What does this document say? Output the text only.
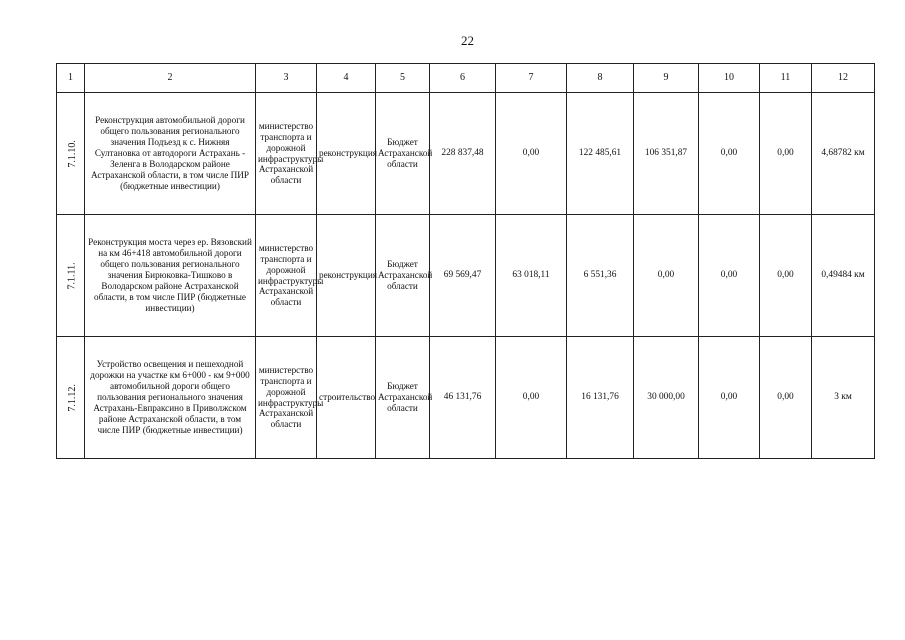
22
1	2	3	4	5	6	7	8	9	10	11	12
7.1.10.	Реконструкция автомобильной дороги общего пользования регионального значения Подъезд к с. Нижняя Султановка от автодороги Астрахань - Зеленга в Володарском районе Астраханской области, в том числе ПИР (бюджетные инвестиции)	министерство транспорта и дорожной инфраструктуры Астраханской области	реконструкция	Бюджет Астраханской области	228 837,48	0,00	122 485,61	106 351,87	0,00	0,00	4,68782 км
7.1.11.	Реконструкция моста через ер. Вязовский на км 46+418 автомобильной дороги общего пользования регионального значения Бирюковка-Тишково в Володарском районе Астраханской области, в том числе ПИР (бюджетные инвестиции)	министерство транспорта и дорожной инфраструктуры Астраханской области	реконструкция	Бюджет Астраханской области	69 569,47	63 018,11	6 551,36	0,00	0,00	0,00	0,49484 км
7.1.12.	Устройство освещения и пешеходной дорожки на участке км 6+000 - км 9+000 автомобильной дороги общего пользования регионального значения Астрахань-Евпраксино в Приволжском районе Астраханской области, в том числе ПИР (бюджетные инвестиции)	министерство транспорта и дорожной инфраструктуры Астраханской области	строительство	Бюджет Астраханской области	46 131,76	0,00	16 131,76	30 000,00	0,00	0,00	3 км
